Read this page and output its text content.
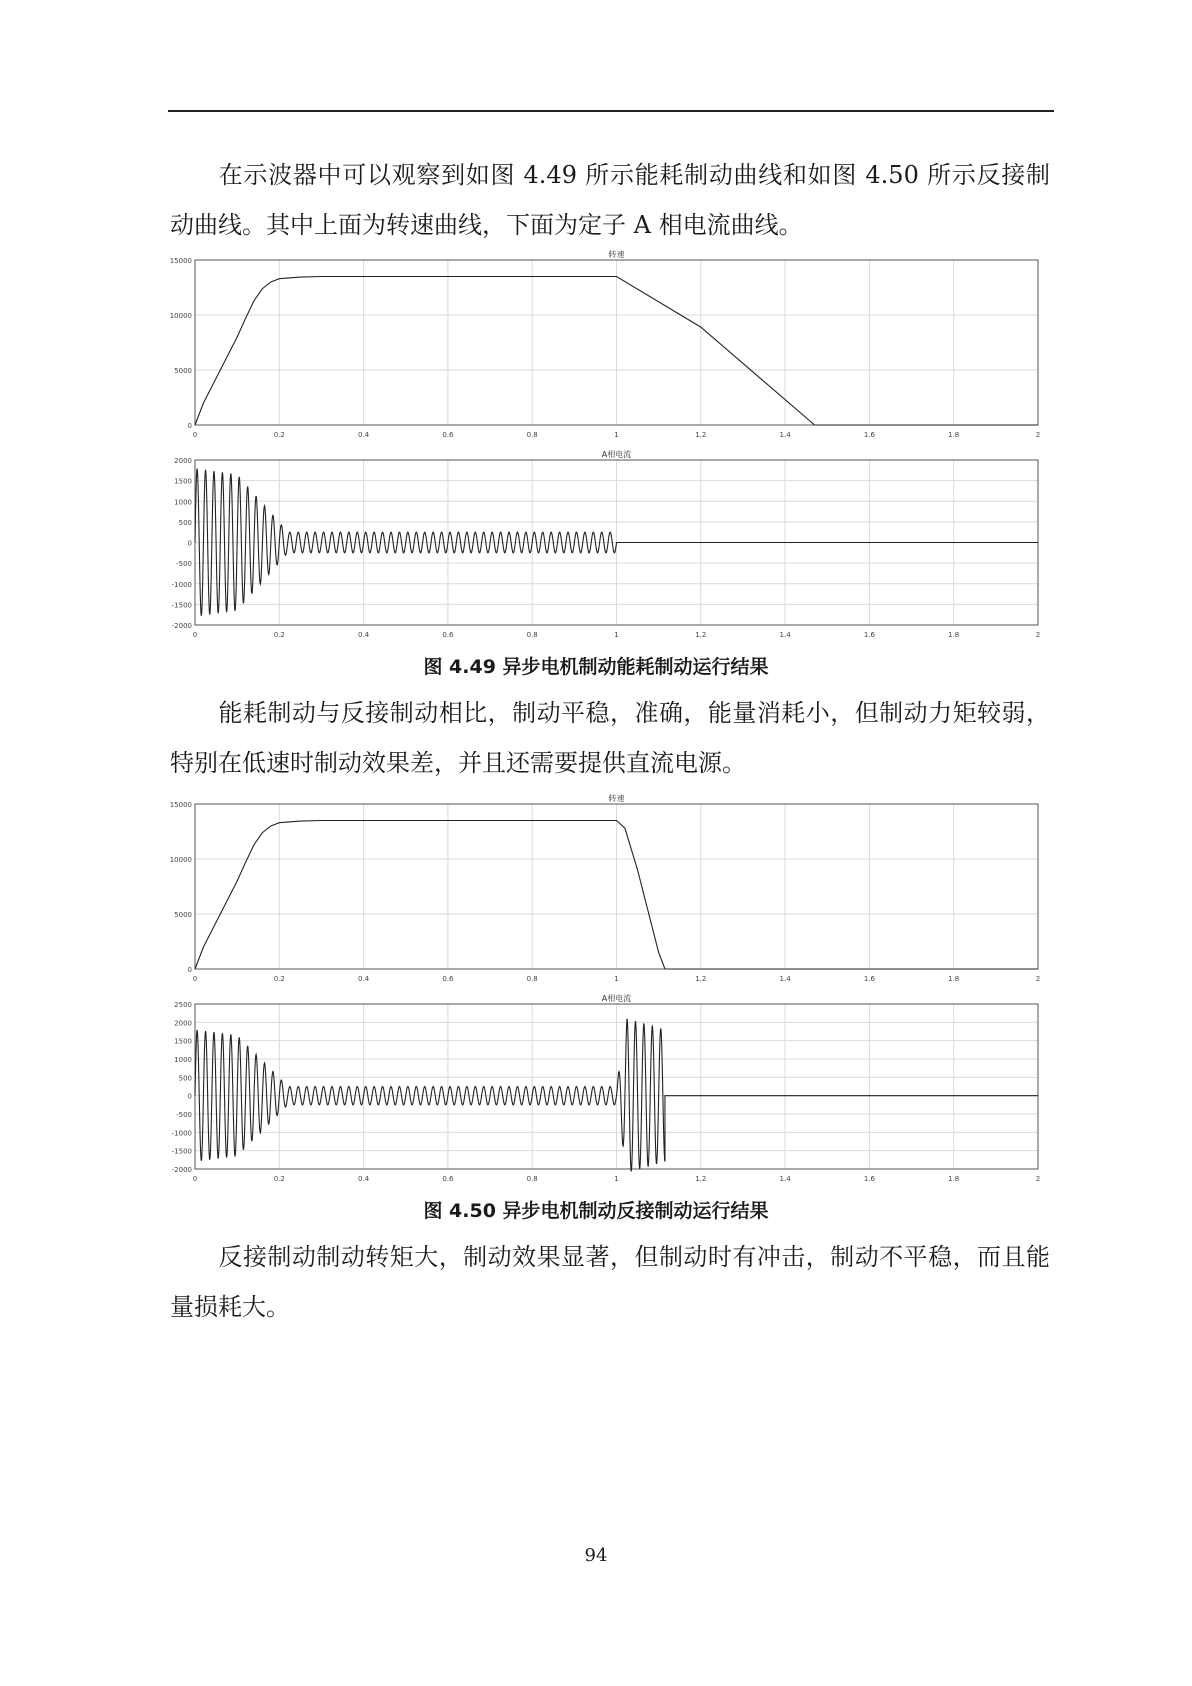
在示波器中可以观察到如图 4.49 所示能耗制动曲线和如图 4.50 所示反接制动曲线。其中上面为转速曲线，下面为定子 A 相电流曲线。

0	0.2	0.4	0.6	0.8	1	1.2	1.4	1.6	1.8	2
0
5000
10000
15000
转速
0	0.2	0.4	0.6	0.8	1	1.2	1.4	1.6	1.8	2
-2000
-1500
-1000
-500
0
500
1000
1500
2000
A相电流
图 4.49 异步电机制动能耗制动运行结果

能耗制动与反接制动相比，制动平稳，准确，能量消耗小，但制动力矩较弱，特别在低速时制动效果差，并且还需要提供直流电源。

0	0.2	0.4	0.6	0.8	1	1.2	1.4	1.6	1.8	2
0
5000
10000
15000
转速
0	0.2	0.4	0.6	0.8	1	1.2	1.4	1.6	1.8	2
-2000
-1500
-1000
-500
0
500
1000
1500
2000
2500
A相电流
图 4.50 异步电机制动反接制动运行结果

反接制动制动转矩大，制动效果显著，但制动时有冲击，制动不平稳，而且能量损耗大。

94
